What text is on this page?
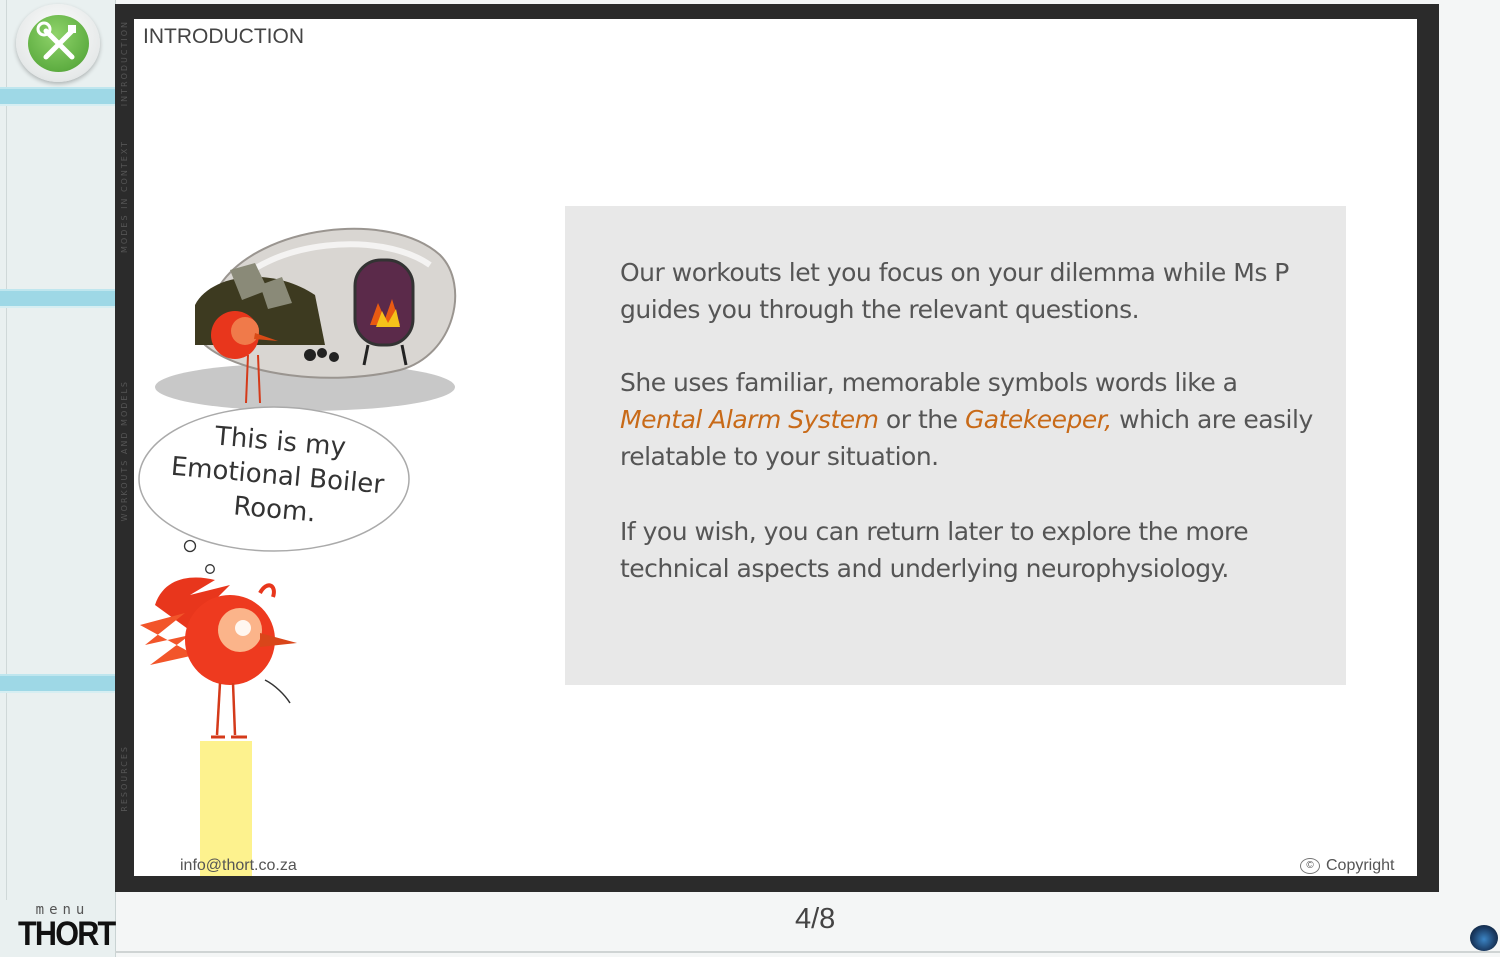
menu
THORT
INTRODUCTION
MODES IN CONTEXT
WORKOUTS AND MODELS
RESOURCES
INTRODUCTION
This is my
Emotional Boiler
Room.

Our workouts let you focus on your dilemma while Ms P guides you through the relevant questions.

She uses familiar, memorable symbols words like a Mental Alarm System or the Gatekeeper, which are easily relatable to your situation.

If you wish, you can return later to explore the more technical aspects and underlying neurophysiology.

info@thort.co.za	© Copyright
4/8
